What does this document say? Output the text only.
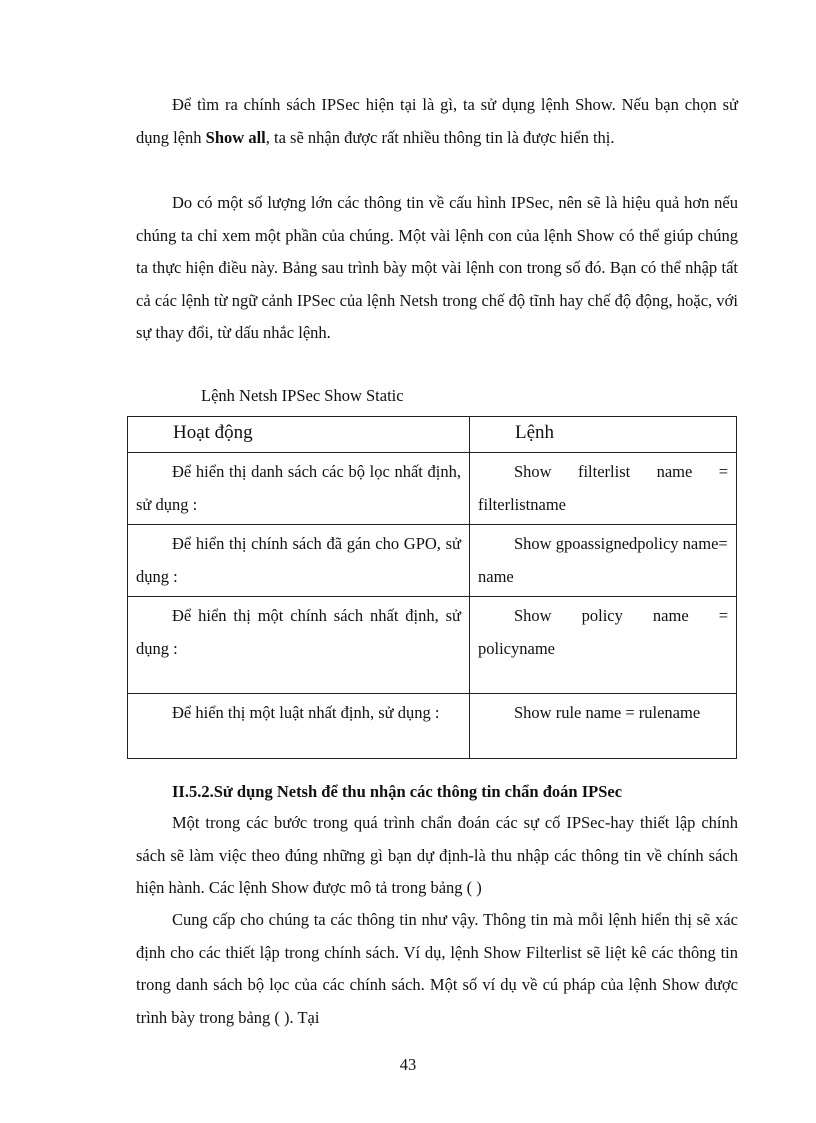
Để tìm ra chính sách IPSec hiện tại là gì, ta sử dụng lệnh Show. Nếu bạn chọn sử dụng lệnh Show all, ta sẽ nhận được rất nhiều thông tin là được hiển thị.

Do có một số lượng lớn các thông tin về cấu hình IPSec, nên sẽ là hiệu quả hơn nếu chúng ta chỉ xem một phần của chúng. Một vài lệnh con của lệnh Show có thể giúp chúng ta thực hiện điều này. Bảng sau trình bày một vài lệnh con trong số đó. Bạn có thể nhập tất cả các lệnh từ ngữ cảnh IPSec của lệnh Netsh trong chế độ tĩnh hay chế độ động, hoặc, với sự thay đổi, từ dấu nhắc lệnh.

Lệnh Netsh IPSec Show Static
Hoạt động	Lệnh
Để hiển thị danh sách các bộ lọc nhất định, sử dụng :	Show     filterlist     name     = filterlistname
Để hiển thị chính sách đã gán cho GPO, sử dụng :	Show gpoassignedpolicy name= name
Để hiển thị một chính sách nhất định, sử dụng :	Show     policy     name     = policyname
Để hiển thị một luật nhất định, sử dụng :	Show rule name = rulename

II.5.2.Sử dụng Netsh để thu nhận các thông tin chẩn đoán IPSec

Một trong các bước trong quá trình chẩn đoán các sự cố IPSec-hay thiết lập chính sách sẽ làm việc theo đúng những gì bạn dự định-là thu nhập các thông tin về chính sách hiện hành. Các lệnh Show được mô tả trong bảng ( )

Cung cấp cho chúng ta các thông tin như vậy. Thông tin mà mỗi lệnh hiển thị sẽ xác định cho các thiết lập trong chính sách. Ví dụ, lệnh Show Filterlist sẽ liệt kê các thông tin trong danh sách bộ lọc của các chính sách. Một số ví dụ về cú pháp của lệnh Show được trình bày trong bảng ( ). Tại

43
